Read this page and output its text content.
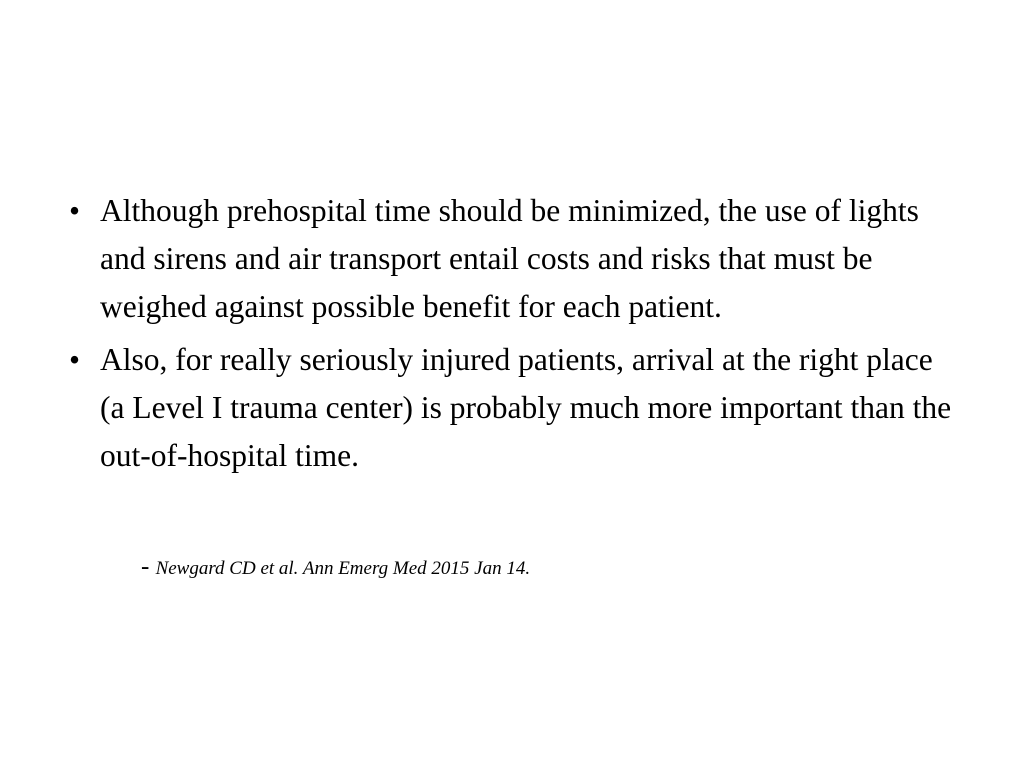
• Although prehospital time should be minimized, the use of lights and sirens and air transport entail costs and risks that must be weighed against possible benefit for each patient.
• Also, for really seriously injured patients, arrival at the right place (a Level I trauma center) is probably much more important than the out-of-hospital time.
- Newgard CD et al. Ann Emerg Med 2015 Jan 14.
